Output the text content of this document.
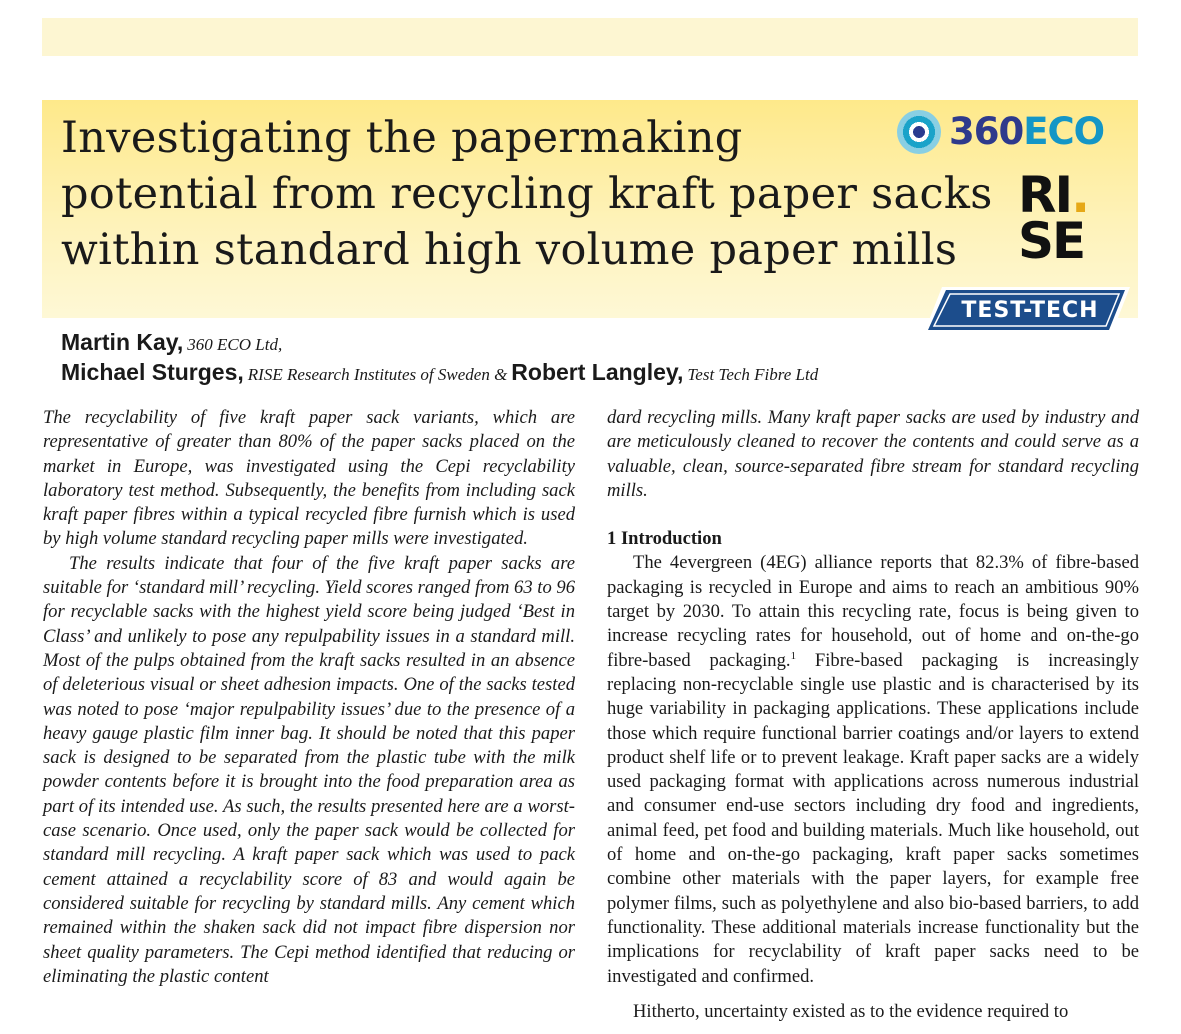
Investigating the papermaking
potential from recycling kraft paper sacks
within standard high volume paper mills
360ECO
RI.
SE
TEST-TECH
Martin Kay, 360 ECO Ltd,
Michael Sturges, RISE Research Institutes of Sweden & Robert Langley, Test Tech Fibre Ltd

The recyclability of five kraft paper sack variants, which are representative of greater than 80% of the paper sacks placed on the market in Europe, was investigated using the Cepi recyclability laboratory test method. Subsequently, the benefits from including sack kraft paper fibres within a typical recycled fibre furnish which is used by high volume standard recycling paper mills were investigated.

The results indicate that four of the five kraft paper sacks are suitable for ‘standard mill’ recycling. Yield scores ranged from 63 to 96 for recyclable sacks with the highest yield score being judged ‘Best in Class’ and unlikely to pose any repulpability issues in a standard mill. Most of the pulps obtained from the kraft sacks resulted in an absence of deleterious visual or sheet adhesion impacts. One of the sacks tested was noted to pose ‘major repulpability issues’ due to the presence of a heavy gauge plastic film inner bag. It should be noted that this paper sack is designed to be separated from the plastic tube with the milk powder contents before it is brought into the food preparation area as part of its intended use. As such, the results presented here are a worst-case scenario. Once used, only the paper sack would be collected for standard mill recycling. A kraft paper sack which was used to pack cement attained a recyclability score of 83 and would again be considered suitable for recycling by standard mills. Any cement which remained within the shaken sack did not impact fibre dispersion nor sheet quality parameters. The Cepi method identified that reducing or eliminating the plastic content

dard recycling mills. Many kraft paper sacks are used by industry and are meticulously cleaned to recover the contents and could serve as a valuable, clean, source-separated fibre stream for standard recycling mills.

1 Introduction

The 4evergreen (4EG) alliance reports that 82.3% of fibre-based packaging is recycled in Europe and aims to reach an ambitious 90% target by 2030. To attain this recycling rate, focus is being given to increase recycling rates for household, out of home and on-the-go fibre-based packaging.$^1$ Fibre-based packaging is increasingly replacing non-recyclable single use plastic and is characterised by its huge variability in packaging applications. These applications include those which require functional barrier coatings and/or layers to extend product shelf life or to prevent leakage. Kraft paper sacks are a widely used packaging format with applications across numerous industrial and consumer end-use sectors including dry food and ingredients, animal feed, pet food and building materials. Much like household, out of home and on-the-go packaging, kraft paper sacks sometimes combine other materials with the paper layers, for example free polymer films, such as polyethylene and also bio-based barriers, to add functionality. These additional materials increase functionality but the implications for recyclability of kraft paper sacks need to be investigated and confirmed.

Hitherto, uncertainty existed as to the evidence required to
